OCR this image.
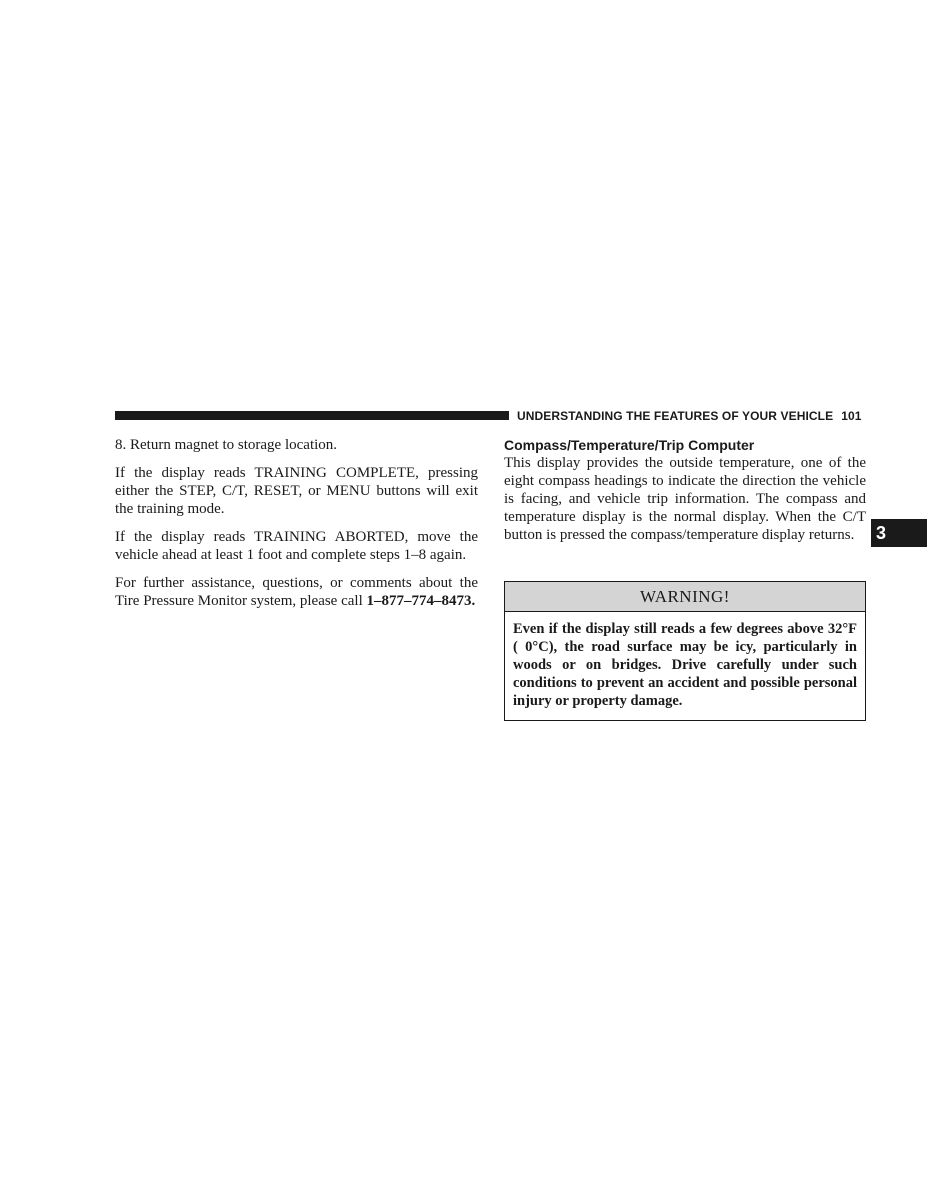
UNDERSTANDING THE FEATURES OF YOUR VEHICLE 101

8. Return magnet to storage location.

If the display reads TRAINING COMPLETE, pressing either the STEP, C/T, RESET, or MENU buttons will exit the training mode.

If the display reads TRAINING ABORTED, move the vehicle ahead at least 1 foot and complete steps 1–8 again.

For further assistance, questions, or comments about the Tire Pressure Monitor system, please call 1–877–774–8473.

Compass/Temperature/Trip Computer

This display provides the outside temperature, one of the eight compass headings to indicate the direction the vehicle is facing, and vehicle trip information. The compass and temperature display is the normal display. When the C/T button is pressed the compass/temperature display returns.

WARNING!
Even if the display still reads a few degrees above 32°F ( 0°C), the road surface may be icy, particularly in woods or on bridges. Drive carefully under such conditions to prevent an accident and possible personal injury or property damage.
3
